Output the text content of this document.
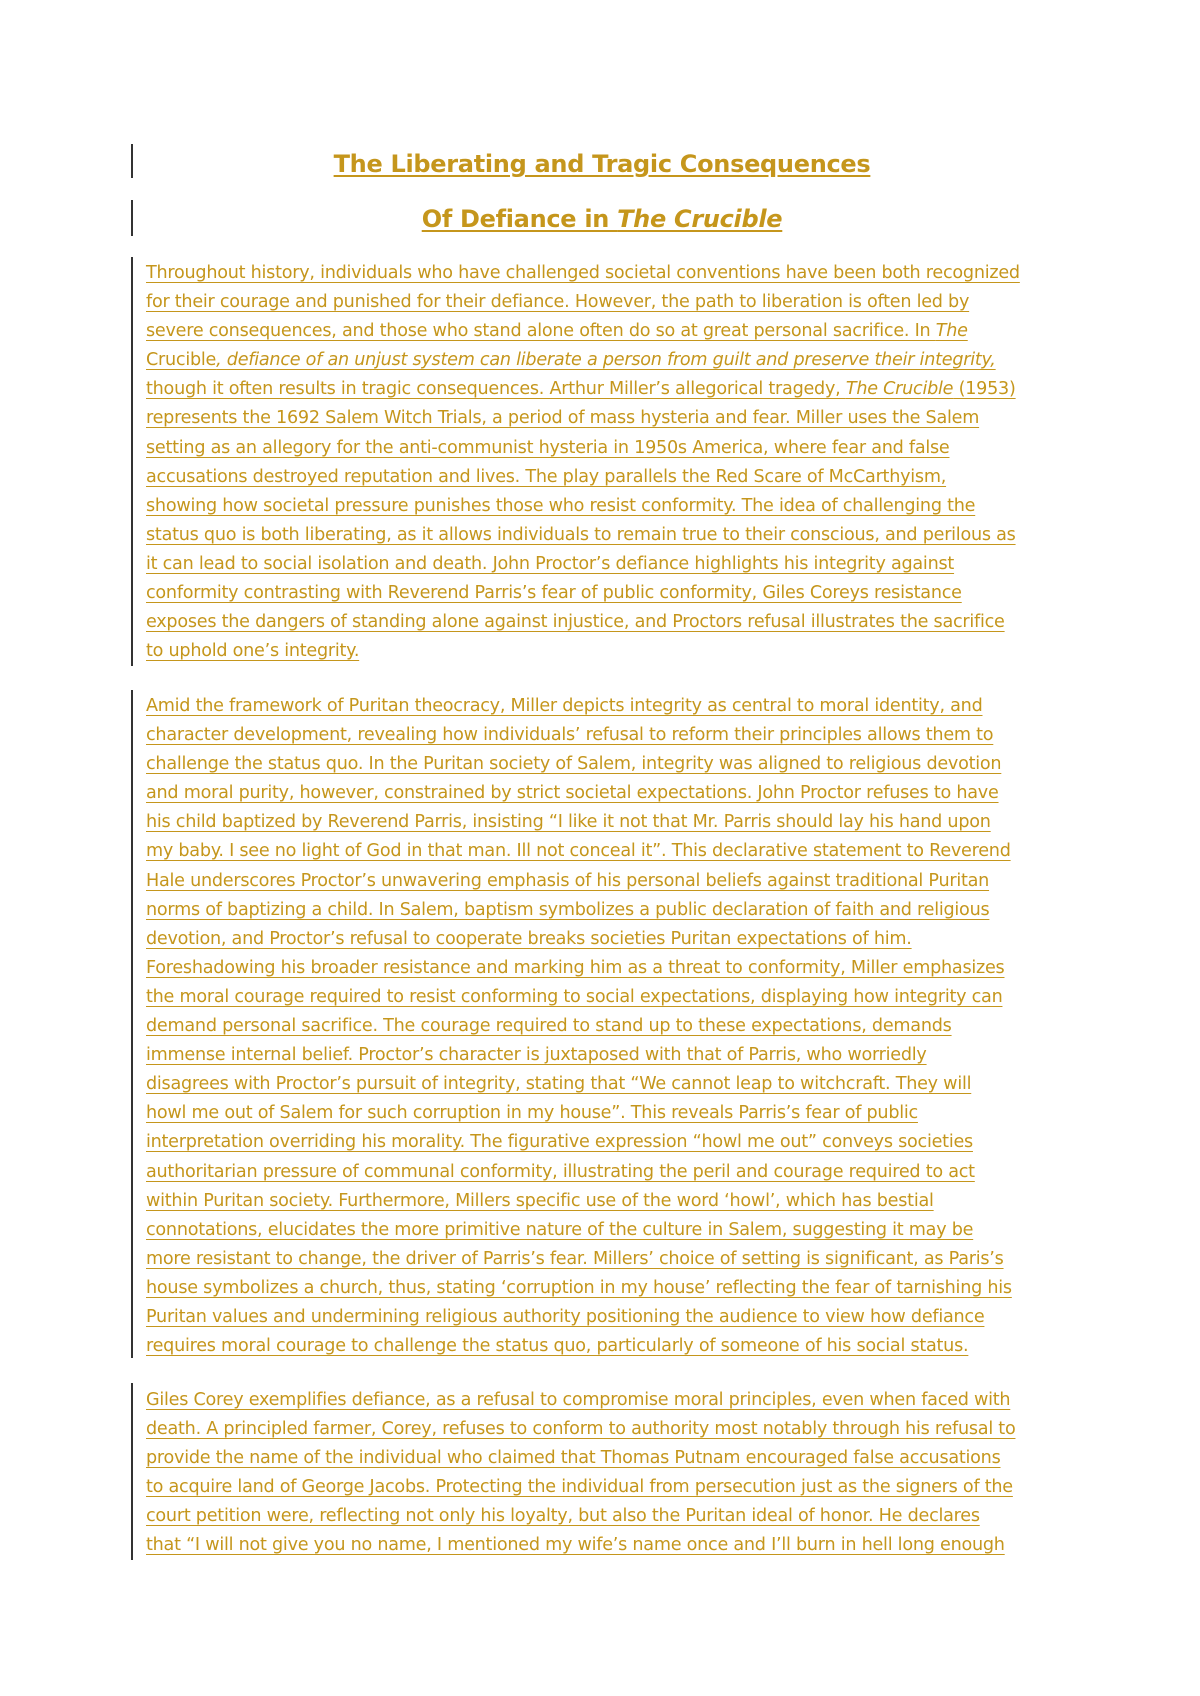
The Liberating and Tragic Consequences
Of Defiance in The Crucible
Throughout history, individuals who have challenged societal conventions have been both recognized
for their courage and punished for their defiance. However, the path to liberation is often led by
severe consequences, and those who stand alone often do so at great personal sacrifice. In The
Crucible, defiance of an unjust system can liberate a person from guilt and preserve their integrity,
though it often results in tragic consequences. Arthur Miller’s allegorical tragedy, The Crucible (1953)
represents the 1692 Salem Witch Trials, a period of mass hysteria and fear. Miller uses the Salem
setting as an allegory for the anti-communist hysteria in 1950s America, where fear and false
accusations destroyed reputation and lives. The play parallels the Red Scare of McCarthyism,
showing how societal pressure punishes those who resist conformity. The idea of challenging the
status quo is both liberating, as it allows individuals to remain true to their conscious, and perilous as
it can lead to social isolation and death. John Proctor’s defiance highlights his integrity against
conformity contrasting with Reverend Parris’s fear of public conformity, Giles Coreys resistance
exposes the dangers of standing alone against injustice, and Proctors refusal illustrates the sacrifice
to uphold one’s integrity.
Amid the framework of Puritan theocracy, Miller depicts integrity as central to moral identity, and
character development, revealing how individuals’ refusal to reform their principles allows them to
challenge the status quo. In the Puritan society of Salem, integrity was aligned to religious devotion
and moral purity, however, constrained by strict societal expectations. John Proctor refuses to have
his child baptized by Reverend Parris, insisting “I like it not that Mr. Parris should lay his hand upon
my baby. I see no light of God in that man. Ill not conceal it”. This declarative statement to Reverend
Hale underscores Proctor’s unwavering emphasis of his personal beliefs against traditional Puritan
norms of baptizing a child. In Salem, baptism symbolizes a public declaration of faith and religious
devotion, and Proctor’s refusal to cooperate breaks societies Puritan expectations of him.
Foreshadowing his broader resistance and marking him as a threat to conformity, Miller emphasizes
the moral courage required to resist conforming to social expectations, displaying how integrity can
demand personal sacrifice. The courage required to stand up to these expectations, demands
immense internal belief. Proctor’s character is juxtaposed with that of Parris, who worriedly
disagrees with Proctor’s pursuit of integrity, stating that “We cannot leap to witchcraft. They will
howl me out of Salem for such corruption in my house”. This reveals Parris’s fear of public
interpretation overriding his morality. The figurative expression “howl me out” conveys societies
authoritarian pressure of communal conformity, illustrating the peril and courage required to act
within Puritan society. Furthermore, Millers specific use of the word ‘howl’, which has bestial
connotations, elucidates the more primitive nature of the culture in Salem, suggesting it may be
more resistant to change, the driver of Parris’s fear. Millers’ choice of setting is significant, as Paris’s
house symbolizes a church, thus, stating ‘corruption in my house’ reflecting the fear of tarnishing his
Puritan values and undermining religious authority positioning the audience to view how defiance
requires moral courage to challenge the status quo, particularly of someone of his social status.
Giles Corey exemplifies defiance, as a refusal to compromise moral principles, even when faced with
death. A principled farmer, Corey, refuses to conform to authority most notably through his refusal to
provide the name of the individual who claimed that Thomas Putnam encouraged false accusations
to acquire land of George Jacobs. Protecting the individual from persecution just as the signers of the
court petition were, reflecting not only his loyalty, but also the Puritan ideal of honor. He declares
that “I will not give you no name, I mentioned my wife’s name once and I’ll burn in hell long enough
